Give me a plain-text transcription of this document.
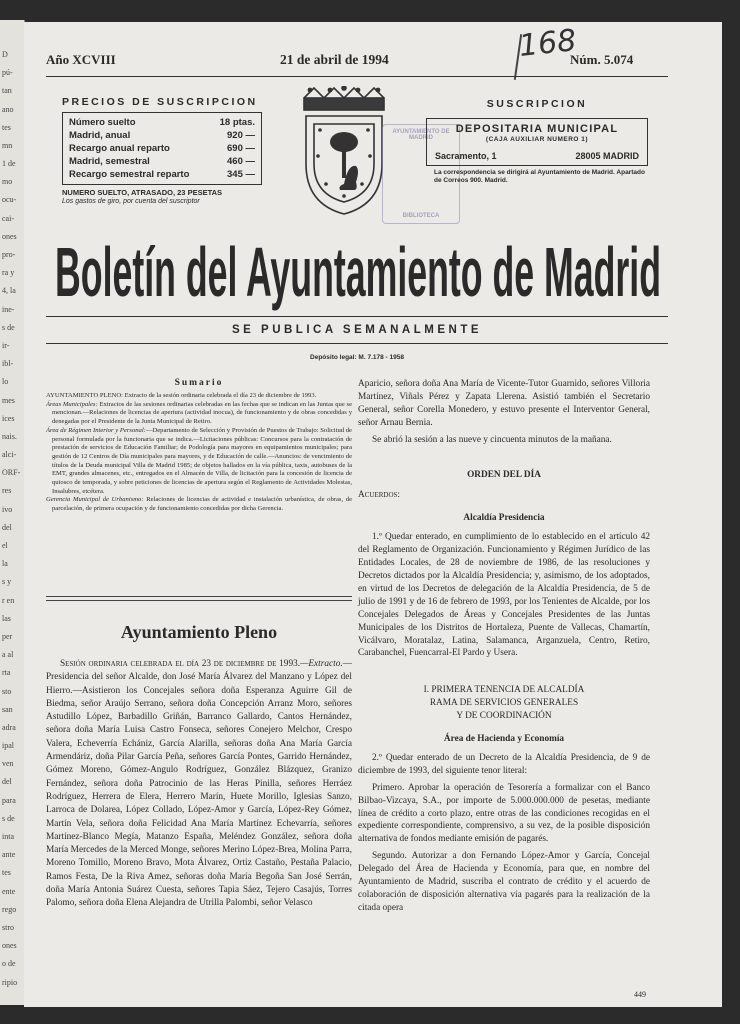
D
pú-
tan
ano
tes
mn
1 de
mo
ocu-
cai-
ones
pro-
ra y
4, la
ine-
s de
ir-
ibl-
lo
mes
ices
nais.
alci-
ORF-
res
ivo
del
el
la
s y
r en
las
per
a al
rta
sto
san
adra
ipal
ven
del
para
s de
inta
ante
tes
ente
rego
stro
ones
o de
ripio
Año XCVIII	21 de abril de 1994	168
Núm. 5.074
PRECIOS DE SUSCRIPCION
Número suelto	18 ptas.
Madrid, anual	920 —
Recargo anual reparto	690 —
Madrid, semestral	460 —
Recargo semestral reparto	345 —
NUMERO SUELTO, ATRASADO, 23 PESETAS
Los gastos de giro, por cuenta del suscriptor
AYUNTAMIENTO DE MADRID
BIBLIOTECA
SUSCRIPCION
DEPOSITARIA MUNICIPAL
(CAJA AUXILIAR NUMERO 1)
Sacramento, 1	28005 MADRID
La correspondencia se dirigirá al Ayuntamiento de Madrid. Apartado de Correos 900. Madrid.
Boletín del Ayuntamiento de Madrid
SE PUBLICA SEMANALMENTE
Depósito legal: M. 7.178 - 1958
Sumario

AYUNTAMIENTO PLENO: Extracto de la sesión ordinaria celebrada el día 23 de diciembre de 1993.

Áreas Municipales: Extractos de las sesiones ordinarias celebradas en las fechas que se indican en las Juntas que se mencionan.—Relaciones de licencias de apertura (actividad inocua), de funcionamiento y de obras concedidas y denegadas por el Presidente de la Junta Municipal de Retiro.

Área de Régimen Interior y Personal:—Departamento de Selección y Provisión de Puestos de Trabajo: Solicitud de personal formulada por la funcionaria que se indica.—Licitaciones públicas: Concursos para la contratación de prestación de servicios de Educación Familiar; de Podología para mayores en equipamientos municipales; para gestión de 12 Centros de Día municipales para mayores, y de Educación de calle.—Anuncios: de vencimiento de títulos de la Deuda municipal Villa de Madrid 1985; de objetos hallados en la vía pública, taxis, autobuses de la EMT, grandes almacenes, etc., entregados en el Almacén de Villa, de licitación para la concesión de licencia de quiosco de temporada, y sobre peticiones de licencias de apertura según el Reglamento de Actividades Molestas, Insalubres, etcétera.

Gerencia Municipal de Urbanismo: Relaciones de licencias de actividad e instalación urbanística, de obras, de parcelación, de primera ocupación y de funcionamiento concedidas por dicha Gerencia.

Ayuntamiento Pleno

Sesión ordinaria celebrada el día 23 de diciembre de 1993.—Extracto.—Presidencia del señor Alcalde, don José María Álvarez del Manzano y López del Hierro.—Asistieron los Concejales señora doña Esperanza Aguirre Gil de Biedma, señor Araújo Serrano, señora doña Concepción Arranz Moro, señores Astudillo López, Barbadillo Griñán, Barranco Gallardo, Cantos Hernández, señora doña María Luisa Castro Fonseca, señores Conejero Melchor, Crespo Valera, Echeverría Echániz, García Alarilla, señoras doña Ana María García Armendáriz, doña Pilar García Peña, señores García Pontes, Garrido Hernández, Gómez Moreno, Gómez-Angulo Rodríguez, González Blázquez, Granizo Fernández, señora doña Patrocinio de las Heras Pinilla, señores Herráez Rodríguez, Herrera de Elera, Herrero Marín, Huete Morillo, Iglesias Sanzo, Larroca de Dolarea, López Collado, López-Amor y García, López-Rey Gómez, Martín Vela, señora doña Felicidad Ana María Martínez Echevarría, señores Martínez-Blanco Megía, Matanzo España, Meléndez González, señora doña María Mercedes de la Merced Monge, señores Merino López-Brea, Molina Parra, Moreno Tomillo, Moreno Bravo, Mota Álvarez, Ortiz Castaño, Pestaña Palacio, Ramos Festa, De la Riva Amez, señoras doña María Begoña San José Serrán, doña María Antonia Suárez Cuesta, señores Tapia Sáez, Tejero Casajús, Torres Palomo, señora doña Elena Alejandra de Utrilla Palombi, señor Velasco

Aparicio, señora doña Ana María de Vicente-Tutor Guarnido, señores Villoria Martínez, Viñals Pérez y Zapata Llerena. Asistió también el Secretario General, señor Corella Monedero, y estuvo presente el Interventor General, señor Arnau Bernia.

Se abrió la sesión a las nueve y cincuenta minutos de la mañana.

ORDEN DEL DÍA

Acuerdos:

Alcaldía Presidencia

1.º Quedar enterado, en cumplimiento de lo establecido en el artículo 42 del Reglamento de Organización. Funcionamiento y Régimen Jurídico de las Entidades Locales, de 28 de noviembre de 1986, de las resoluciones y Decretos dictados por la Alcaldía Presidencia; y, asimismo, de los adoptados, en virtud de los Decretos de delegación de la Alcaldía Presidencia, de 5 de julio de 1991 y de 16 de febrero de 1993, por los Tenientes de Alcalde, por los Concejales Delegados de Áreas y Concejales Presidentes de las Juntas Municipales de los Distritos de Hortaleza, Puente de Vallecas, Chamartín, Vicálvaro, Moratalaz, Latina, Salamanca, Arganzuela, Centro, Retiro, Carabanchel, Fuencarral-El Pardo y Usera.

I. PRIMERA TENENCIA DE ALCALDÍA

RAMA DE SERVICIOS GENERALES

Y DE COORDINACIÓN

Área de Hacienda y Economía

2.º Quedar enterado de un Decreto de la Alcaldía Presidencia, de 9 de diciembre de 1993, del siguiente tenor literal:

Primero. Aprobar la operación de Tesorería a formalizar con el Banco Bilbao-Vizcaya, S.A., por importe de 5.000.000.000 de pesetas, mediante línea de crédito a corto plazo, entre otras de las condiciones recogidas en el expediente correspondiente, comprensivo, a su vez, de la posible disposición alternativa de fondos mediante emisión de pagarés.

Segundo. Autorizar a don Fernando López-Amor y García, Concejal Delegado del Área de Hacienda y Economía, para que, en nombre del Ayuntamiento de Madrid, suscriba el contrato de crédito y el acuerdo de colaboración de disposición alternativa vía pagarés para la realización de la citada opera

449
